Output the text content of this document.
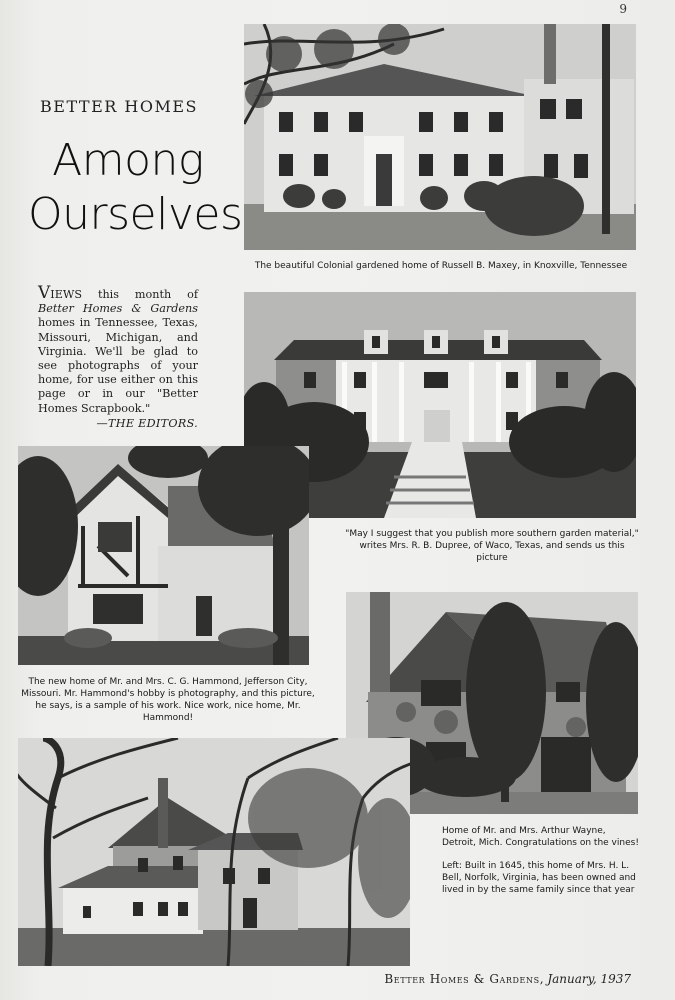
9
BETTER HOMES
Among
Ourselves
VIEWS this month of Better Homes & Gardens homes in Tennessee, Texas, Missouri, Michigan, and Virginia. We'll be glad to see photographs of your home, for use either on this page or in our "Better Homes Scrapbook."
—THE EDITORS.
The beautiful Colonial gardened home of Russell B. Maxey, in Knoxville, Tennessee
"May I suggest that you publish more southern garden material," writes Mrs. R. B. Dupree, of Waco, Texas, and sends us this picture
The new home of Mr. and Mrs. C. G. Hammond, Jefferson City, Missouri. Mr. Hammond's hobby is photography, and this picture, he says, is a sample of his work. Nice work, nice home, Mr. Hammond!
Home of Mr. and Mrs. Arthur Wayne, Detroit, Mich. Congratulations on the vines!
Left: Built in 1645, this home of Mrs. H. L. Bell, Norfolk, Virginia, has been owned and lived in by the same family since that year
Better Homes & Gardens, January, 1937
